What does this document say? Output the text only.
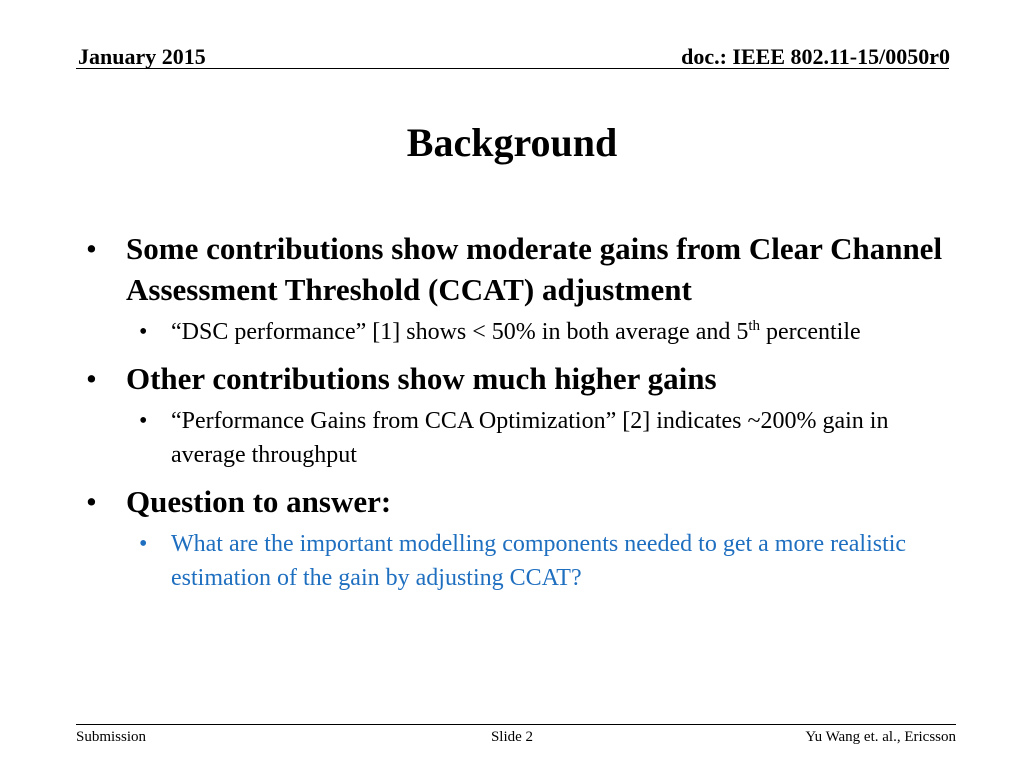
January 2015	doc.: IEEE 802.11-15/0050r0
Background

• Some contributions show moderate gains from Clear Channel Assessment Threshold (CCAT) adjustment

• “DSC performance” [1] shows < 50% in both average and 5th percentile

• Other contributions show much higher gains

• “Performance Gains from CCA Optimization” [2] indicates ~200% gain in average throughput

• Question to answer:

• What are the important modelling components needed to get a more realistic estimation of the gain by adjusting CCAT?

Submission	Slide 2	Yu Wang et. al., Ericsson
